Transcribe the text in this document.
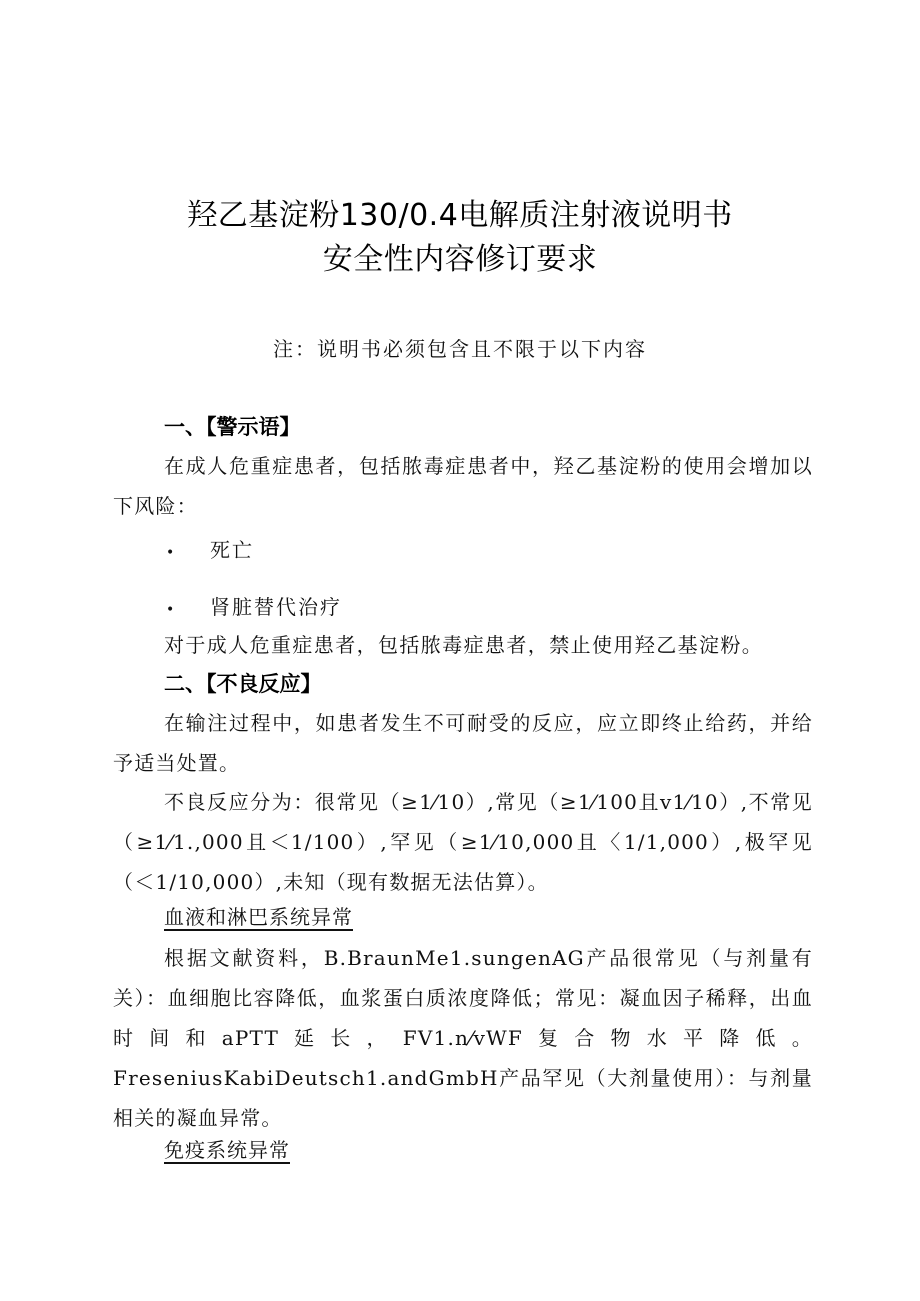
羟乙基淀粉130/0.4电解质注射液说明书
安全性内容修订要求
注：说明书必须包含且不限于以下内容
一、【警示语】

在成人危重症患者，包括脓毒症患者中，羟乙基淀粉的使用会增加以下风险：

• 死亡
• 肾脏替代治疗

对于成人危重症患者，包括脓毒症患者，禁止使用羟乙基淀粉。

二、【不良反应】

在输注过程中，如患者发生不可耐受的反应，应立即终止给药，并给予适当处置。

不良反应分为：很常见（≥1⁄10）,常见（≥1⁄100且v1⁄10）,不常见（≥1⁄1.,000且＜1/100）,罕见（≥1⁄10,000且〈1/1,000）,极罕见（＜1/10,000）,未知（现有数据无法估算）。

血液和淋巴系统异常

根据文献资料，B.BraunMe1.sungenAG产品很常见（与剂量有关）：血细胞比容降低，血浆蛋白质浓度降低；常见：凝血因子稀释，出血时间和aPTT延长，FV1.n⁄vWF复合物水平降低。FreseniusKabiDeutsch1.andGmbH产品罕见（大剂量使用）：与剂量相关的凝血异常。

免疫系统异常
